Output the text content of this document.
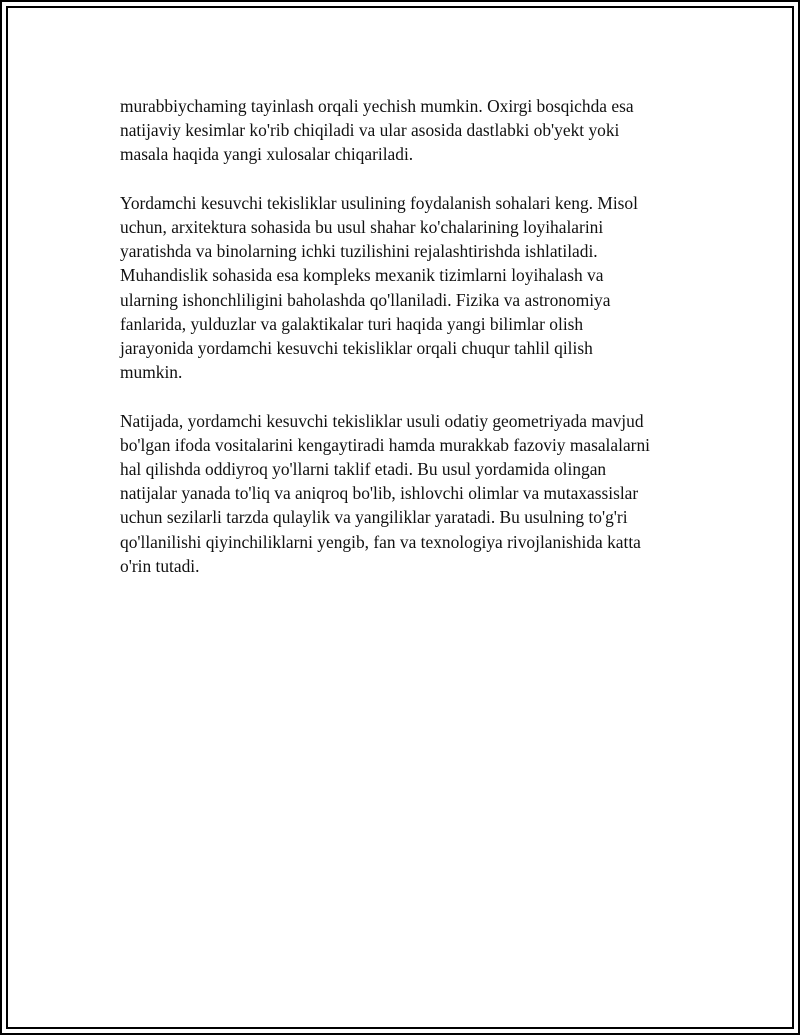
murabbiychaming tayinlash orqali yechish mumkin. Oxirgi bosqichda esa
natijaviy kesimlar ko'rib chiqiladi va ular asosida dastlabki ob'yekt yoki
masala haqida yangi xulosalar chiqariladi.

Yordamchi kesuvchi tekisliklar usulining foydalanish sohalari keng. Misol
uchun, arxitektura sohasida bu usul shahar ko'chalarining loyihalarini
yaratishda va binolarning ichki tuzilishini rejalashtirishda ishlatiladi.
Muhandislik sohasida esa kompleks mexanik tizimlarni loyihalash va
ularning ishonchliligini baholashda qo'llaniladi. Fizika va astronomiya
fanlarida, yulduzlar va galaktikalar turi haqida yangi bilimlar olish
jarayonida yordamchi kesuvchi tekisliklar orqali chuqur tahlil qilish
mumkin.

Natijada, yordamchi kesuvchi tekisliklar usuli odatiy geometriyada mavjud
bo'lgan ifoda vositalarini kengaytiradi hamda murakkab fazoviy masalalarni
hal qilishda oddiyroq yo'llarni taklif etadi. Bu usul yordamida olingan
natijalar yanada to'liq va aniqroq bo'lib, ishlovchi olimlar va mutaxassislar
uchun sezilarli tarzda qulaylik va yangiliklar yaratadi. Bu usulning to'g'ri
qo'llanilishi qiyinchiliklarni yengib, fan va texnologiya rivojlanishida katta
o'rin tutadi.
